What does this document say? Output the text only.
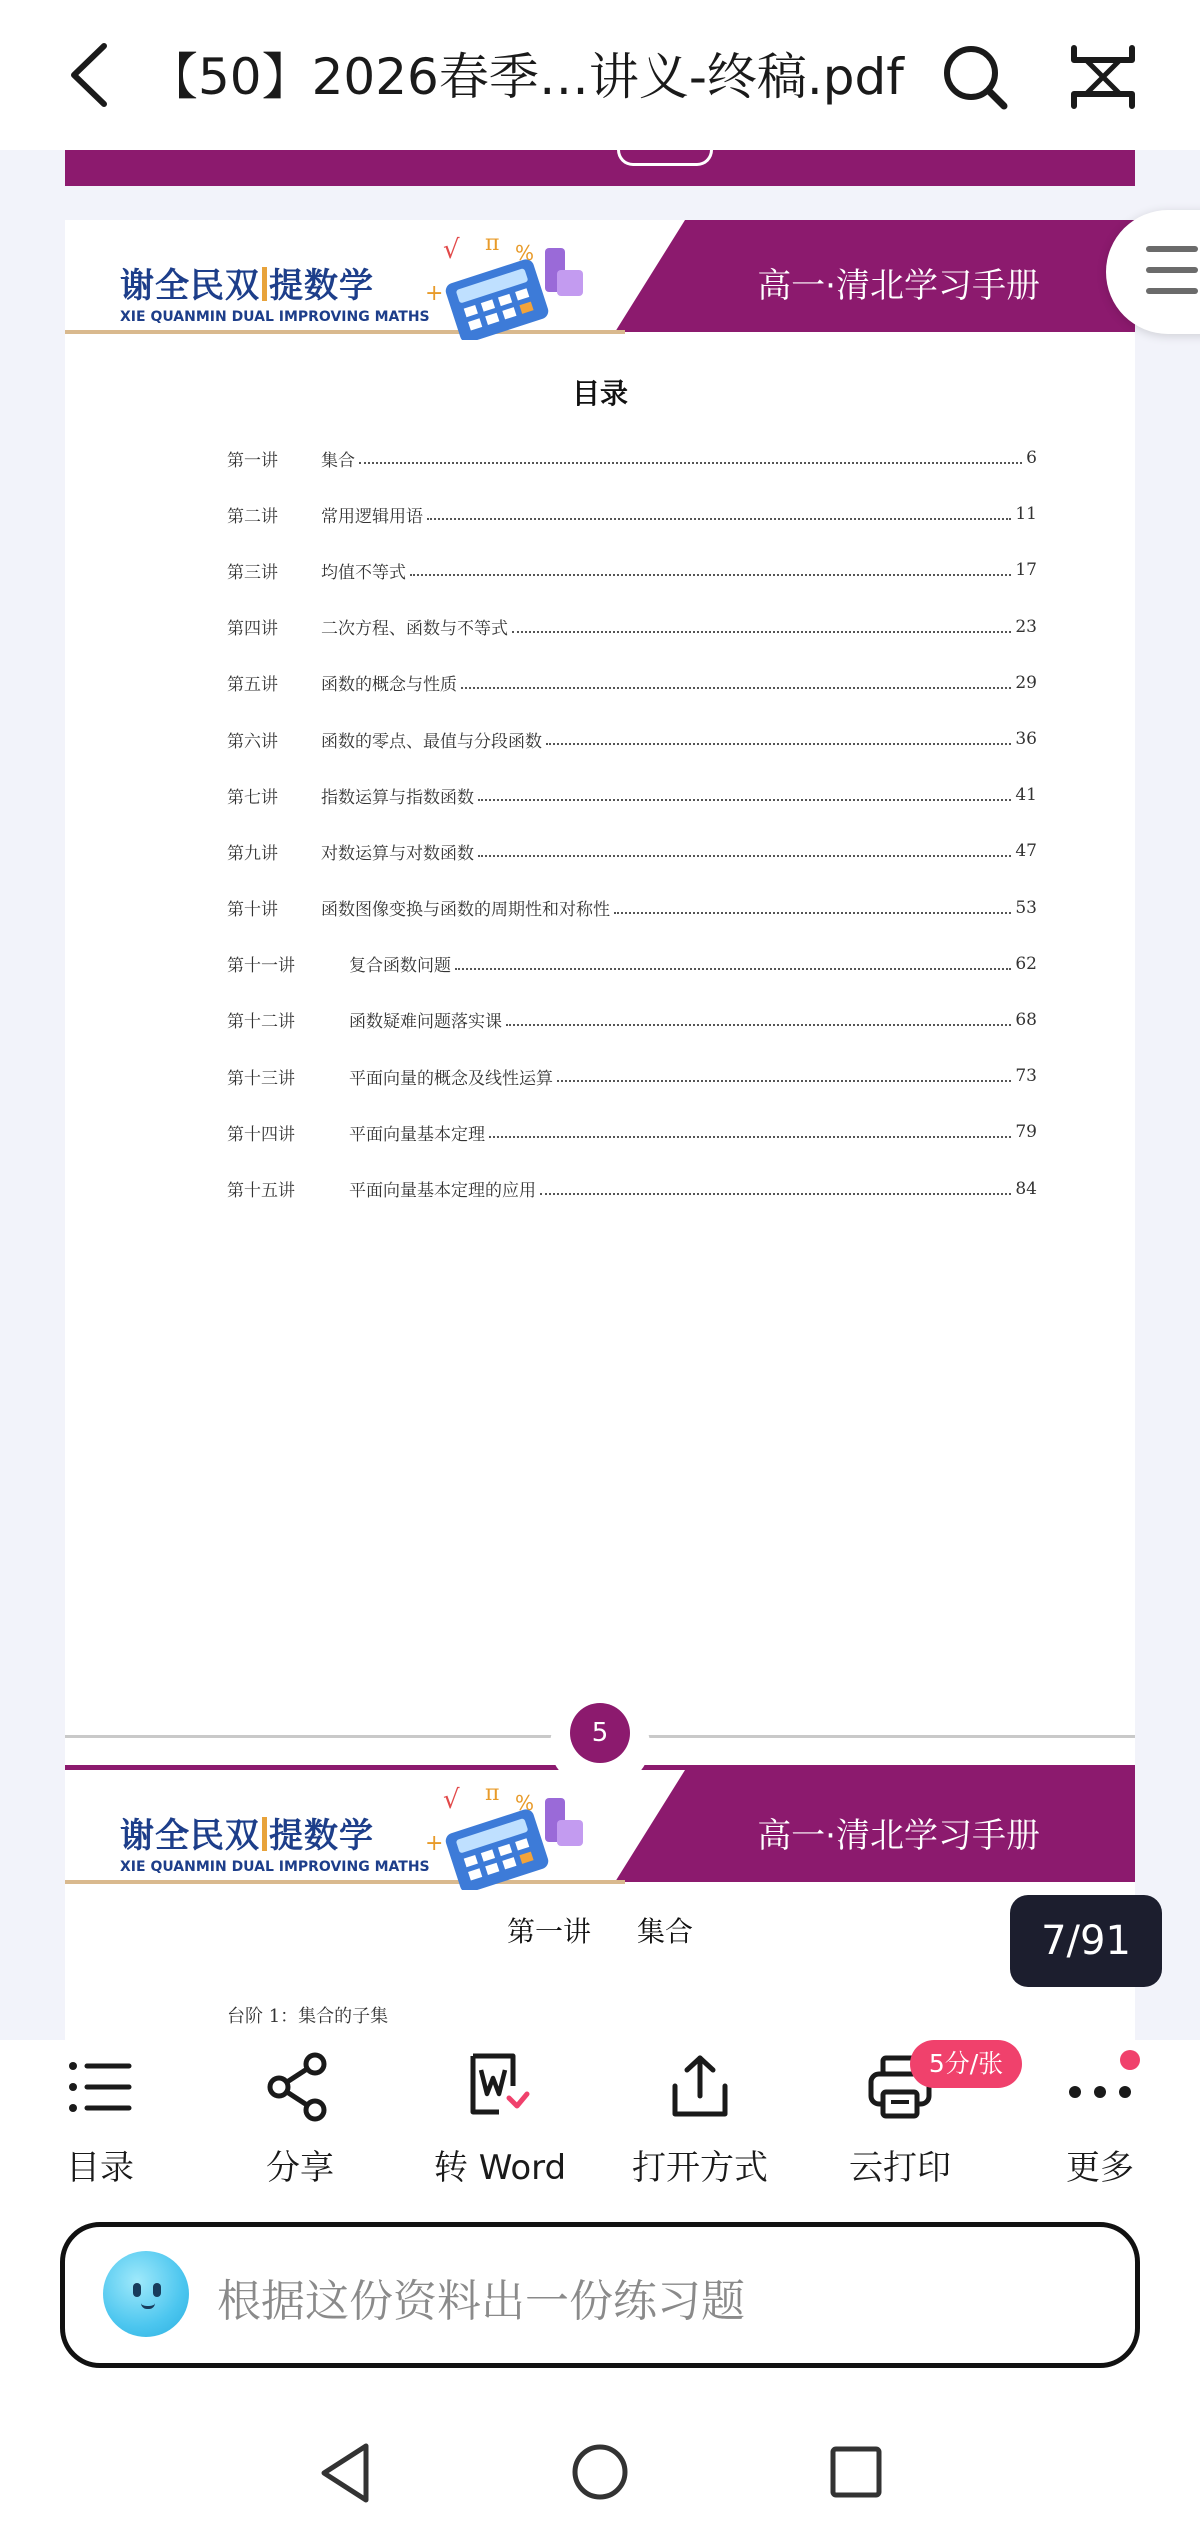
【50】2026春季…讲义-终稿.pdf
谢全民双 提数学
XIE QUANMIN DUAL IMPROVING MATHS
√ π %
+	高一·清北学习手册
目录
第一讲	集合	6
第二讲	常用逻辑用语	11
第三讲	均值不等式	17
第四讲	二次方程、函数与不等式	23
第五讲	函数的概念与性质	29
第六讲	函数的零点、最值与分段函数	36
第七讲	指数运算与指数函数	41
第九讲	对数运算与对数函数	47
第十讲	函数图像变换与函数的周期性和对称性	53
第十一讲	复合函数问题	62
第十二讲	函数疑难问题落实课	68
第十三讲	平面向量的概念及线性运算	73
第十四讲	平面向量基本定理	79
第十五讲	平面向量基本定理的应用	84
5
谢全民双 提数学
XIE QUANMIN DUAL IMPROVING MATHS
√ π %
+	高一·清北学习手册
第一讲 集合
台阶 1：集合的子集
7/91
目录	分享	转 Word	打开方式
5分/张
云打印	更多
根据这份资料出一份练习题
